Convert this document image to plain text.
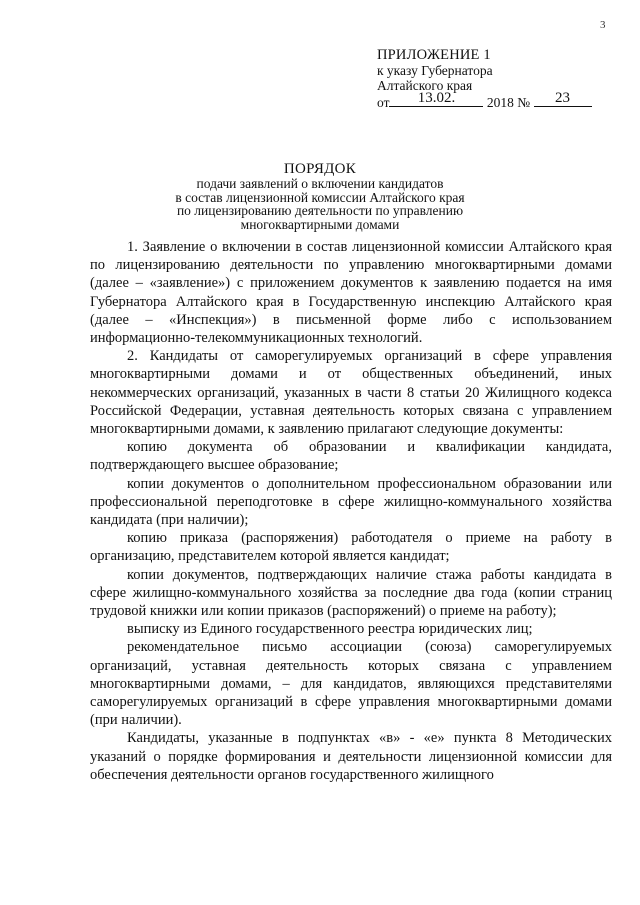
3
ПРИЛОЖЕНИЕ 1
к указу Губернатора
Алтайского края
от	13.02.	2018 №	23
ПОРЯДОК
подачи заявлений о включении кандидатов
в состав лицензионной комиссии Алтайского края
по лицензированию деятельности по управлению
многоквартирными домами

1. Заявление о включении в состав лицензионной комиссии Алтайского края по лицензированию деятельности по управлению многоквартирными домами (далее – «заявление») с приложением документов к заявлению подается на имя Губернатора Алтайского края в Государственную инспекцию Алтайского края (далее – «Инспекция») в письменной форме либо с использованием информационно-телекоммуникационных технологий.

2. Кандидаты от саморегулируемых организаций в сфере управления многоквартирными домами и от общественных объединений, иных некоммерческих организаций, указанных в части 8 статьи 20 Жилищного кодекса Российской Федерации, уставная деятельность которых связана с управлением многоквартирными домами, к заявлению прилагают следующие документы:

копию документа об образовании и квалификации кандидата, подтверждающего высшее образование;

копии документов о дополнительном профессиональном образовании или профессиональной переподготовке в сфере жилищно-коммунального хозяйства кандидата (при наличии);

копию приказа (распоряжения) работодателя о приеме на работу в организацию, представителем которой является кандидат;

копии документов, подтверждающих наличие стажа работы кандидата в сфере жилищно-коммунального хозяйства за последние два года (копии страниц трудовой книжки или копии приказов (распоряжений) о приеме на работу);

выписку из Единого государственного реестра юридических лиц;

рекомендательное письмо ассоциации (союза) саморегулируемых организаций, уставная деятельность которых связана с управлением многоквартирными домами, – для кандидатов, являющихся представителями саморегулируемых организаций в сфере управления многоквартирными домами (при наличии).

Кандидаты, указанные в подпунктах «в» - «е» пункта 8 Методических указаний о порядке формирования и деятельности лицензионной комиссии для обеспечения деятельности органов государственного жилищного
